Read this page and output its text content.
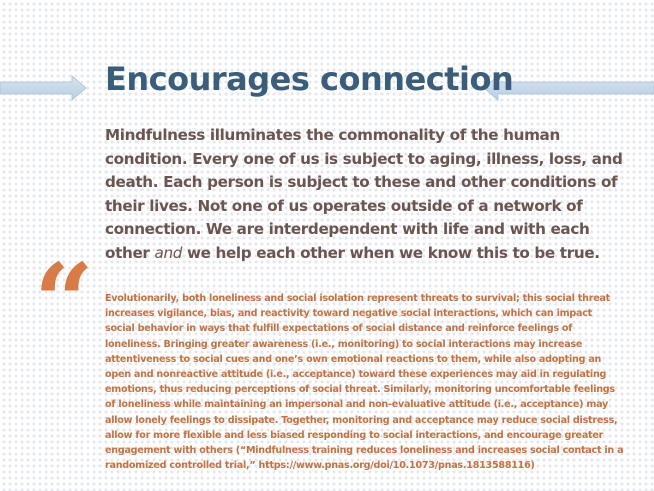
Encourages connection

Mindfulness illuminates the commonality of the human
condition. Every one of us is subject to aging, illness, loss, and
death. Each person is subject to these and other conditions of
their lives. Not one of us operates outside of a network of
connection. We are interdependent with life and with each
other and we help each other when we know this to be true.

“ Evolutionarily, both loneliness and social isolation represent threats to survival; this social threat
increases vigilance, bias, and reactivity toward negative social interactions, which can impact
social behavior in ways that fulfill expectations of social distance and reinforce feelings of
loneliness. Bringing greater awareness (i.e., monitoring) to social interactions may increase
attentiveness to social cues and one’s own emotional reactions to them, while also adopting an
open and nonreactive attitude (i.e., acceptance) toward these experiences may aid in regulating
emotions, thus reducing perceptions of social threat. Similarly, monitoring uncomfortable feelings
of loneliness while maintaining an impersonal and non-evaluative attitude (i.e., acceptance) may
allow lonely feelings to dissipate. Together, monitoring and acceptance may reduce social distress,
allow for more flexible and less biased responding to social interactions, and encourage greater
engagement with others (“Mindfulness training reduces loneliness and increases social contact in a
randomized controlled trial,” https://www.pnas.org/doi/10.1073/pnas.1813588116)
